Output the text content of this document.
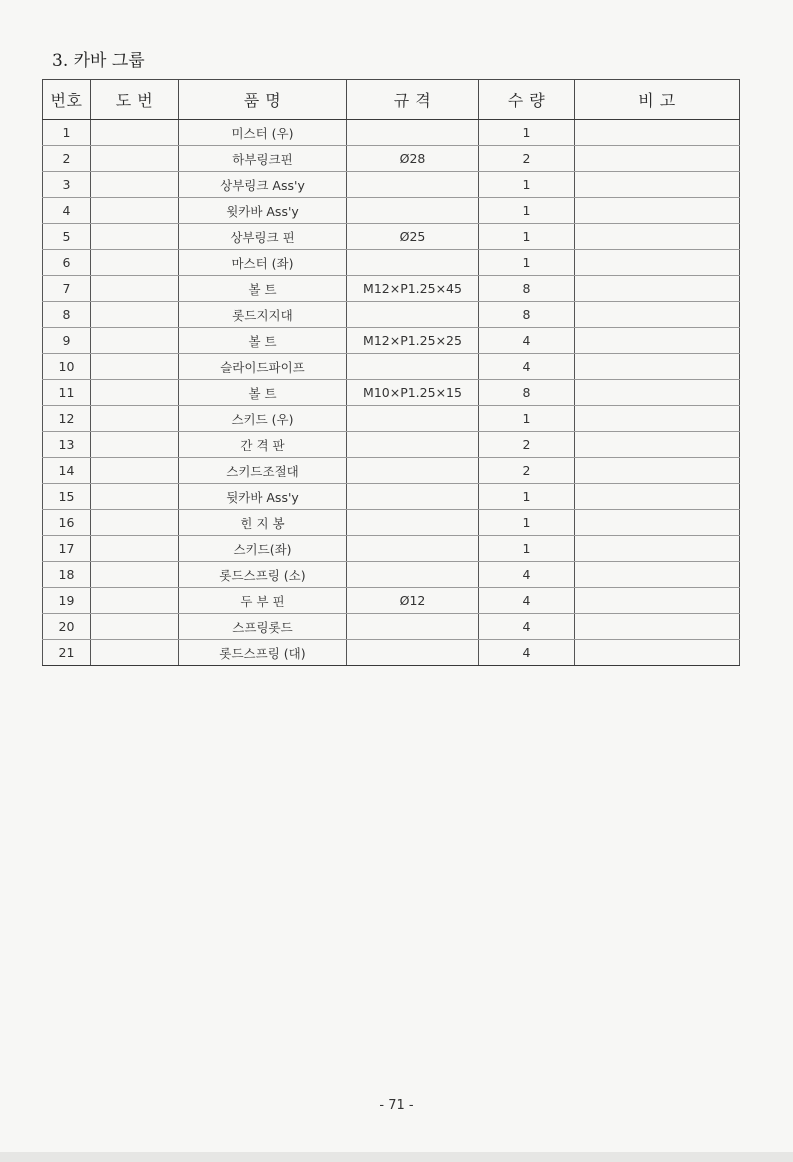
3. 카바 그룹
번호	도 번	품 명	규 격	수 량	비 고
1		미스터 (우)		1	
2		하부링크핀	Ø28	2	
3		상부링크 Ass'y		1	
4		윗카바 Ass'y		1	
5		상부링크 핀	Ø25	1	
6		마스터 (좌)		1	
7		볼 트	M12×P1.25×45	8	
8		롯드지지대		8	
9		볼 트	M12×P1.25×25	4	
10		슬라이드파이프		4	
11		볼 트	M10×P1.25×15	8	
12		스키드 (우)		1	
13		간 격 판		2	
14		스키드조절대		2	
15		뒷카바 Ass'y		1	
16		힌 지 봉		1	
17		스키드(좌)		1	
18		롯드스프링 (소)		4	
19		두 부 핀	Ø12	4	
20		스프링롯드		4	
21		롯드스프링 (대)		4	
- 71 -
